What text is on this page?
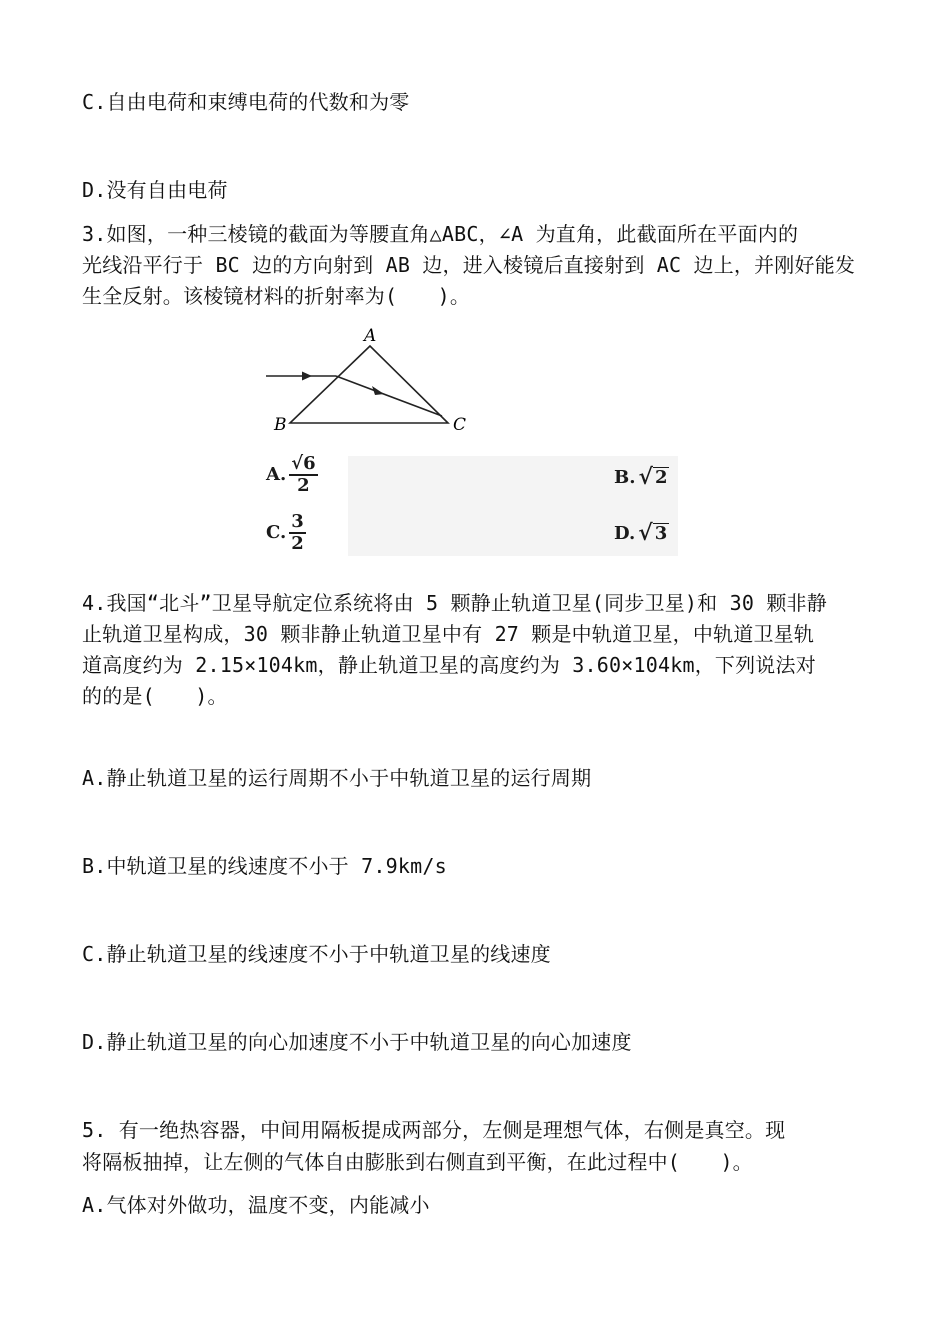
C.自由电荷和束缚电荷的代数和为零
D.没有自由电荷
3.如图，一种三棱镜的截面为等腰直角△ABC，∠A 为直角，此截面所在平面内的
光线沿平行于 BC 边的方向射到 AB 边，进入棱镜后直接射到 AC 边上，并刚好能发
生全反射。该棱镜材料的折射率为(　　)。
A
B	C
A. $\frac{√6}{2}$	B. √ 2
C. $\frac{3}{2}$	D. √ 3
4.我国“北斗”卫星导航定位系统将由 5 颗静止轨道卫星(同步卫星)和 30 颗非静
止轨道卫星构成，30 颗非静止轨道卫星中有 27 颗是中轨道卫星，中轨道卫星轨
道高度约为 2.15×104km，静止轨道卫星的高度约为 3.60×104km，下列说法对
的的是(　　)。
A.静止轨道卫星的运行周期不小于中轨道卫星的运行周期
B.中轨道卫星的线速度不小于 7.9km/s
C.静止轨道卫星的线速度不小于中轨道卫星的线速度
D.静止轨道卫星的向心加速度不小于中轨道卫星的向心加速度
5. 有一绝热容器，中间用隔板提成两部分，左侧是理想气体，右侧是真空。现
将隔板抽掉，让左侧的气体自由膨胀到右侧直到平衡，在此过程中(　　)。
A.气体对外做功，温度不变，内能减小
